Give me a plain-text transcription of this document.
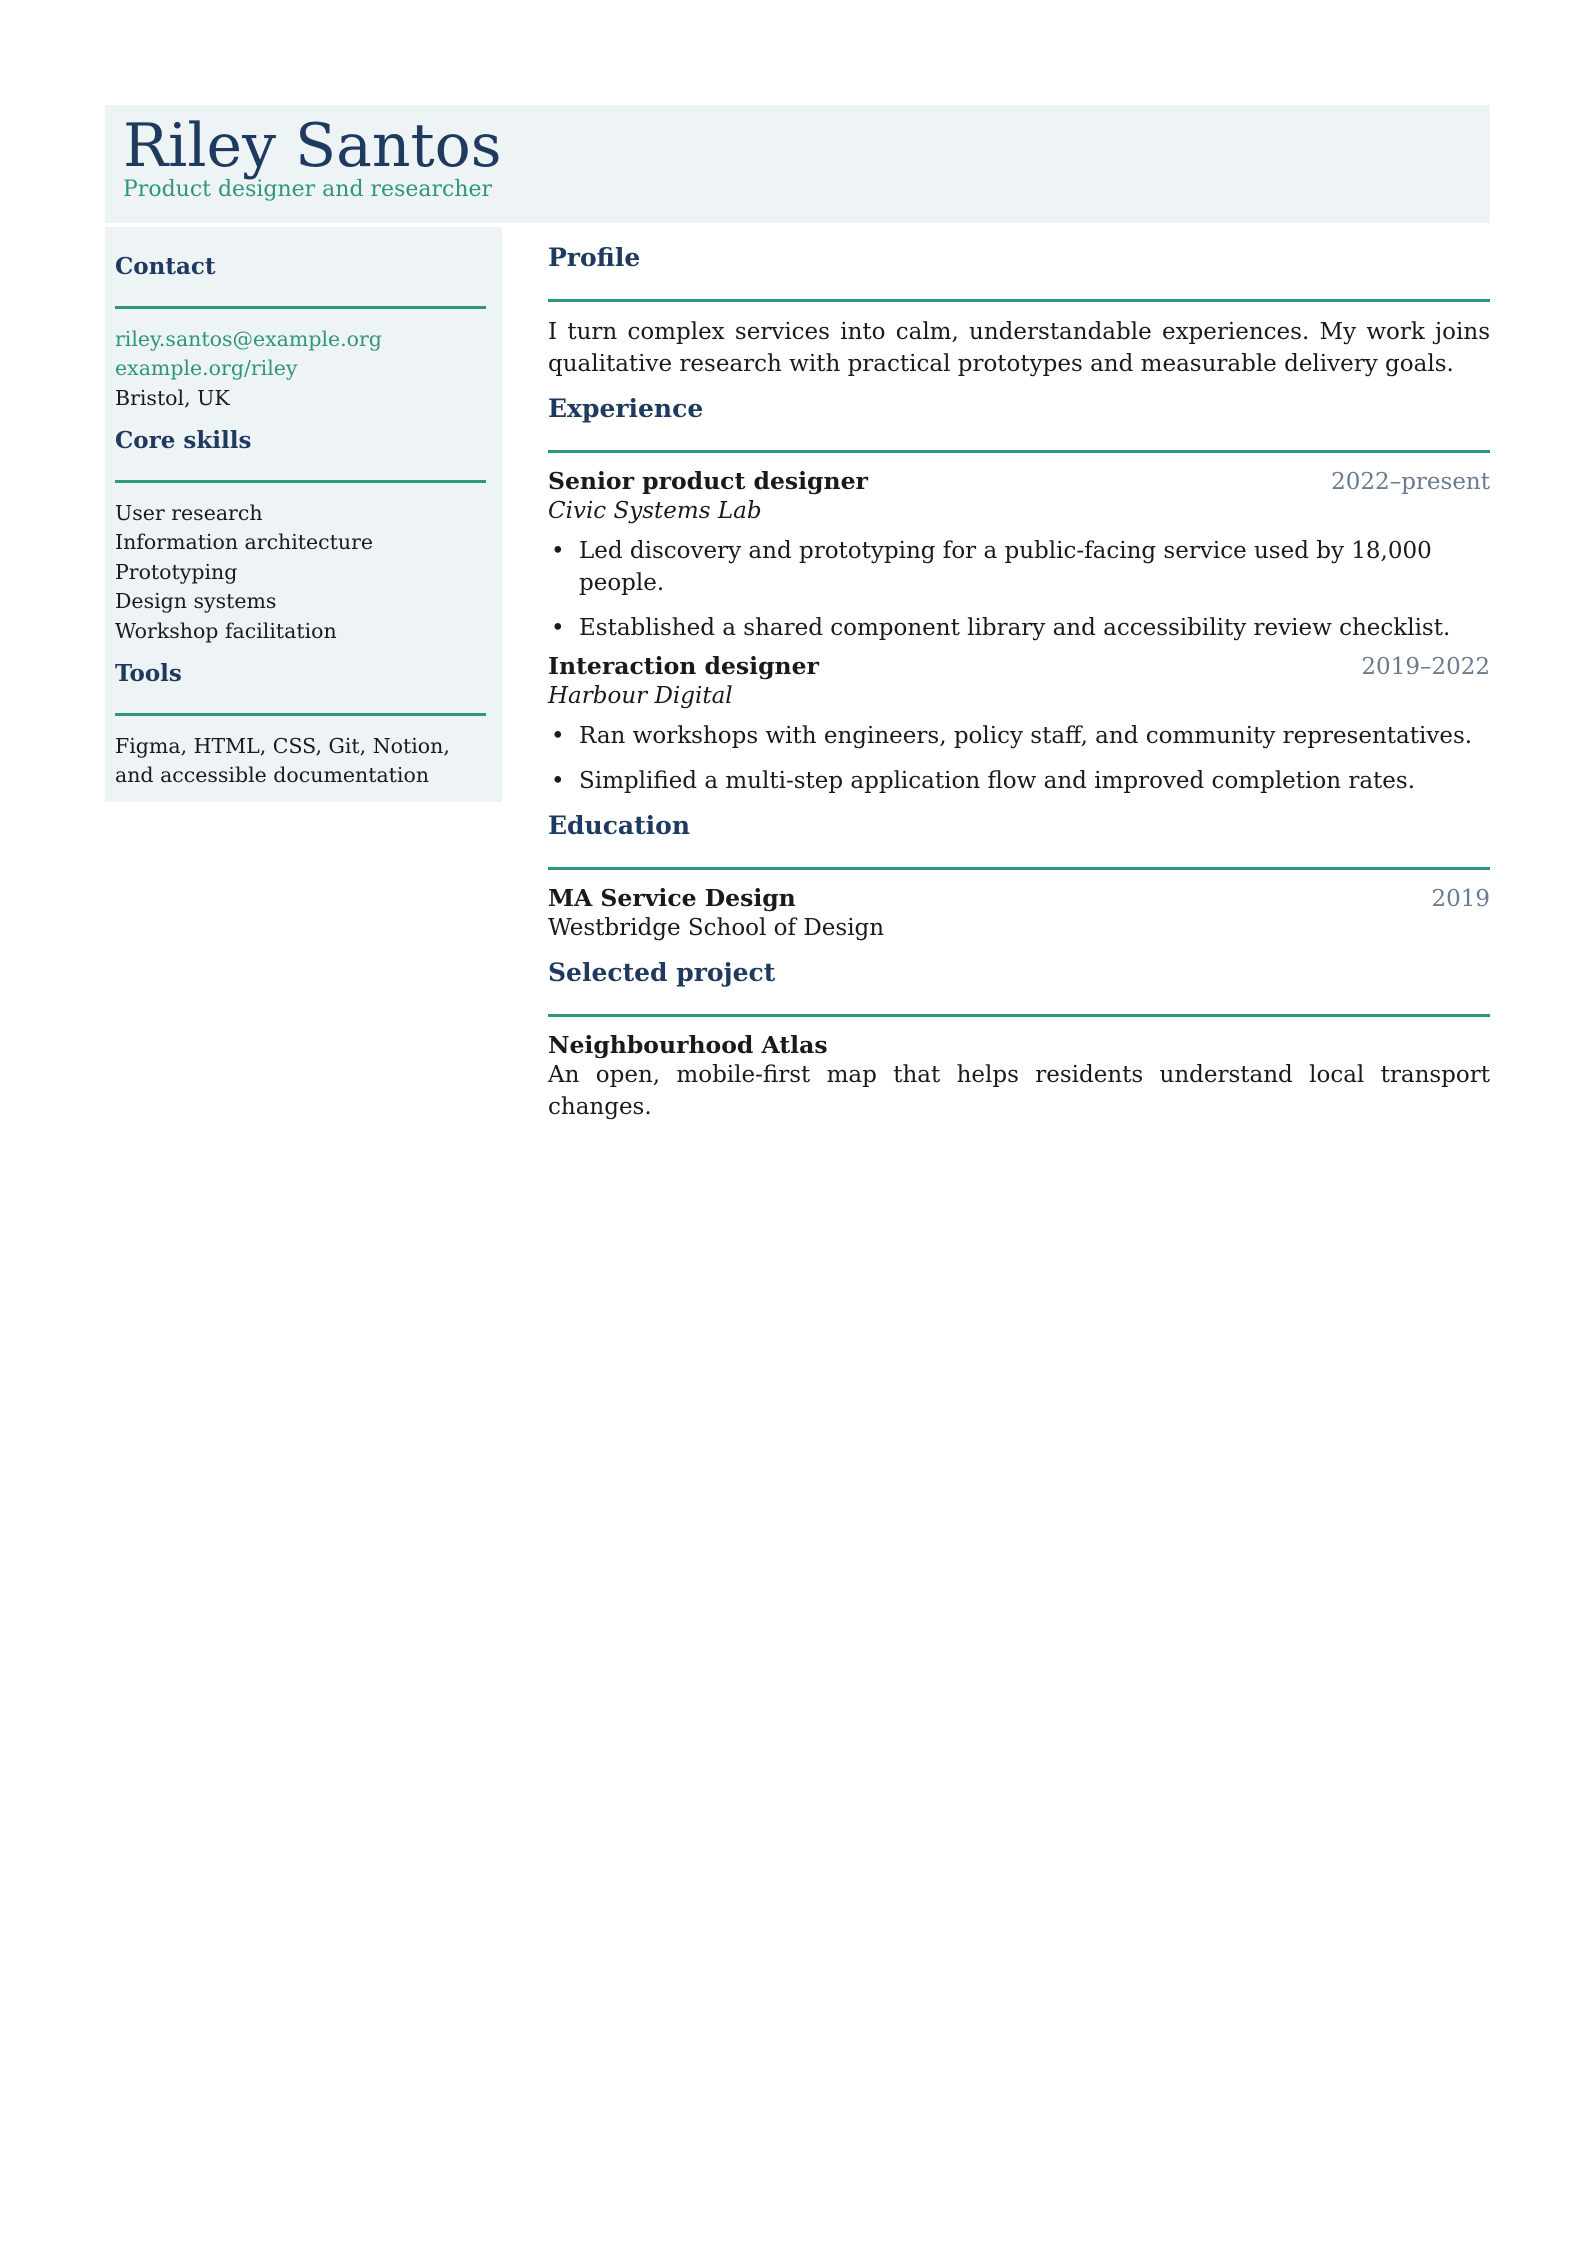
Riley Santos
Product designer and researcher
Contact
riley.santos@example.org
example.org/riley
Bristol, UK
Core skills
User research
Information architecture
Prototyping
Design systems
Workshop facilitation
Tools
Figma, HTML, CSS, Git, Notion, and accessible documentation
Profile
I turn complex services into calm, understandable experiences. My work joins qualitative research with practical prototypes and measurable delivery goals.
Experience
Senior product designer	2022–present
Civic Systems Lab
• Led discovery and prototyping for a public-facing service used by 18,000 people.
• Established a shared component library and accessibility review checklist.
Interaction designer	2019–2022
Harbour Digital
• Ran workshops with engineers, policy staff, and community representatives.
• Simplified a multi-step application flow and improved completion rates.
Education
MA Service Design	2019
Westbridge School of Design
Selected project
Neighbourhood Atlas
An open, mobile-first map that helps residents understand local transport changes.
